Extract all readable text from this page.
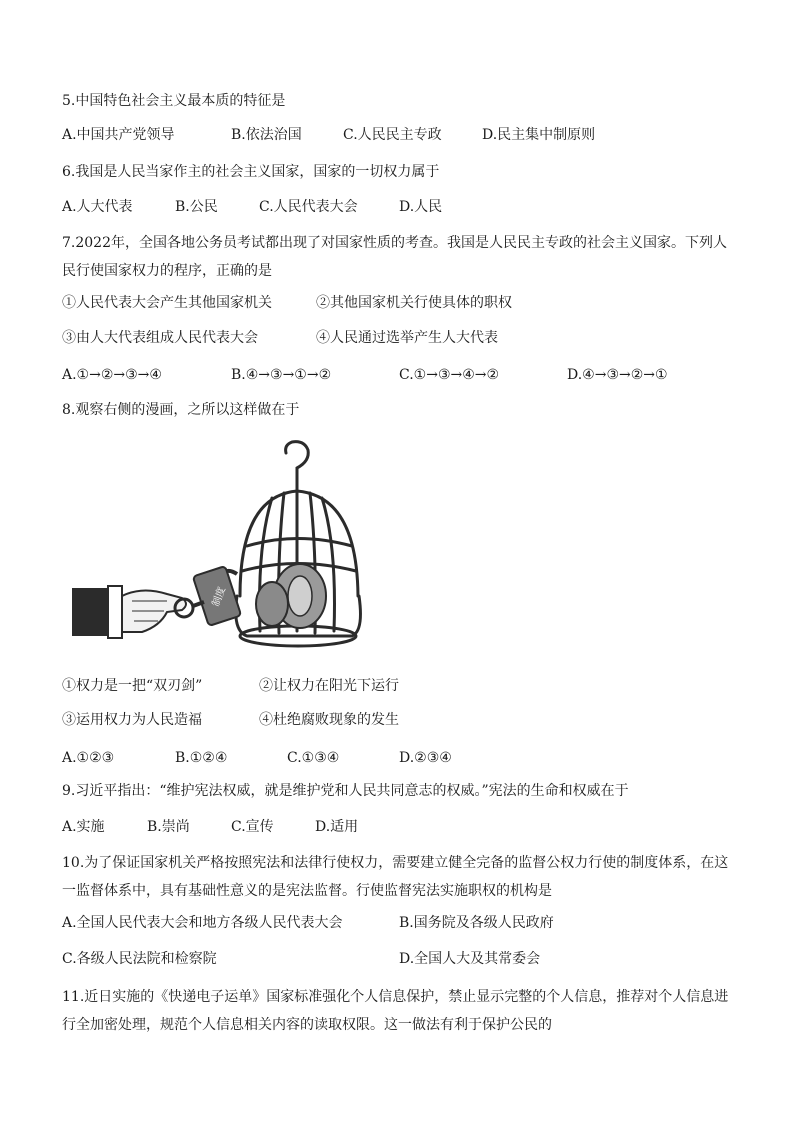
5.中国特色社会主义最本质的特征是
A.中国共产党领导	B.依法治国	C.人民民主专政	D.民主集中制原则
6.我国是人民当家作主的社会主义国家，国家的一切权力属于
A.人大代表	B.公民	C.人民代表大会	D.人民
7.2022年，全国各地公务员考试都出现了对国家性质的考查。我国是人民民主专政的社会主义国家。下列人民行使国家权力的程序，正确的是
①人民代表大会产生其他国家机关	②其他国家机关行使具体的职权
③由人大代表组成人民代表大会	④人民通过选举产生人大代表
A.①→②→③→④	B.④→③→①→②	C.①→③→④→②	D.④→③→②→①
8.观察右侧的漫画，之所以这样做在于
制度
①权力是一把“双刃剑”	②让权力在阳光下运行
③运用权力为人民造福	④杜绝腐败现象的发生
A.①②③	B.①②④	C.①③④	D.②③④
9.习近平指出：“维护宪法权威，就是维护党和人民共同意志的权威。”宪法的生命和权威在于
A.实施	B.崇尚	C.宣传	D.适用
10.为了保证国家机关严格按照宪法和法律行使权力，需要建立健全完备的监督公权力行使的制度体系，在这一监督体系中，具有基础性意义的是宪法监督。行使监督宪法实施职权的机构是
A.全国人民代表大会和地方各级人民代表大会	B.国务院及各级人民政府
C.各级人民法院和检察院	D.全国人大及其常委会
11.近日实施的《快递电子运单》国家标准强化个人信息保护，禁止显示完整的个人信息，推荐对个人信息进行全加密处理，规范个人信息相关内容的读取权限。这一做法有利于保护公民的
